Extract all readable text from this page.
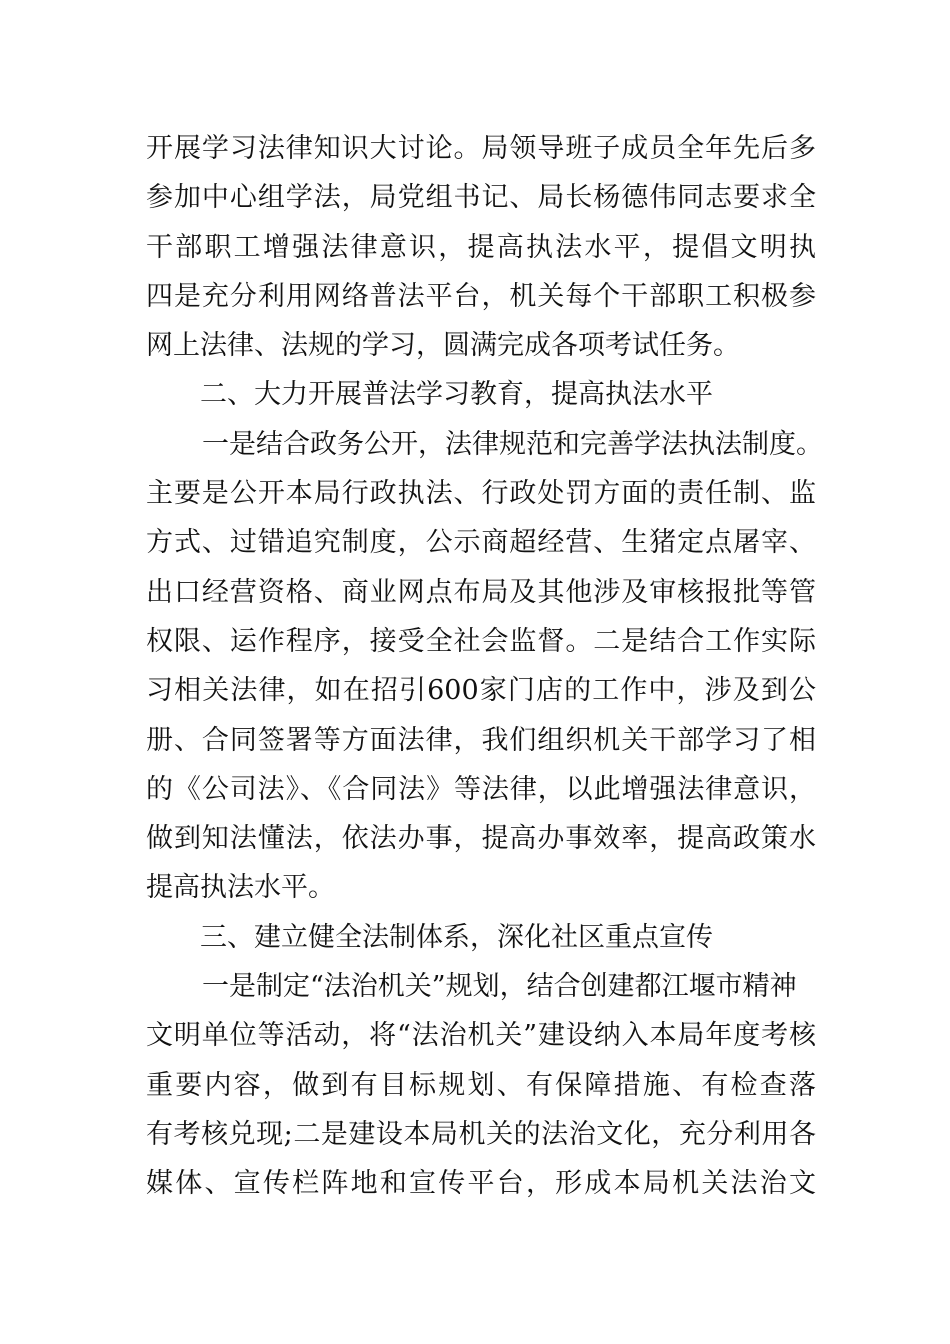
开展学习法律知识大讨论。局领导班子成员全年先后多
参加中心组学法，局党组书记、局长杨德伟同志要求全
干部职工增强法律意识，提高执法水平，提倡文明执
四是充分利用网络普法平台，机关每个干部职工积极参
网上法律、法规的学习，圆满完成各项考试任务。
二、大力开展普法学习教育，提高执法水平
一是结合政务公开，法律规范和完善学法执法制度。
主要是公开本局行政执法、行政处罚方面的责任制、监
方式、过错追究制度，公示商超经营、生猪定点屠宰、
出口经营资格、商业网点布局及其他涉及审核报批等管
权限、运作程序，接受全社会监督。二是结合工作实际
习相关法律，如在招引600家门店的工作中，涉及到公
册、合同签署等方面法律，我们组织机关干部学习了相
的《公司法》、《合同法》等法律，以此增强法律意识，
做到知法懂法，依法办事，提高办事效率，提高政策水
提高执法水平。
三、建立健全法制体系，深化社区重点宣传
一是制定“法治机关”规划，结合创建都江堰市精神
文明单位等活动，将“法治机关”建设纳入本局年度考核
重要内容，做到有目标规划、有保障措施、有检查落
有考核兑现;二是建设本局机关的法治文化，充分利用各
媒体、宣传栏阵地和宣传平台，形成本局机关法治文
